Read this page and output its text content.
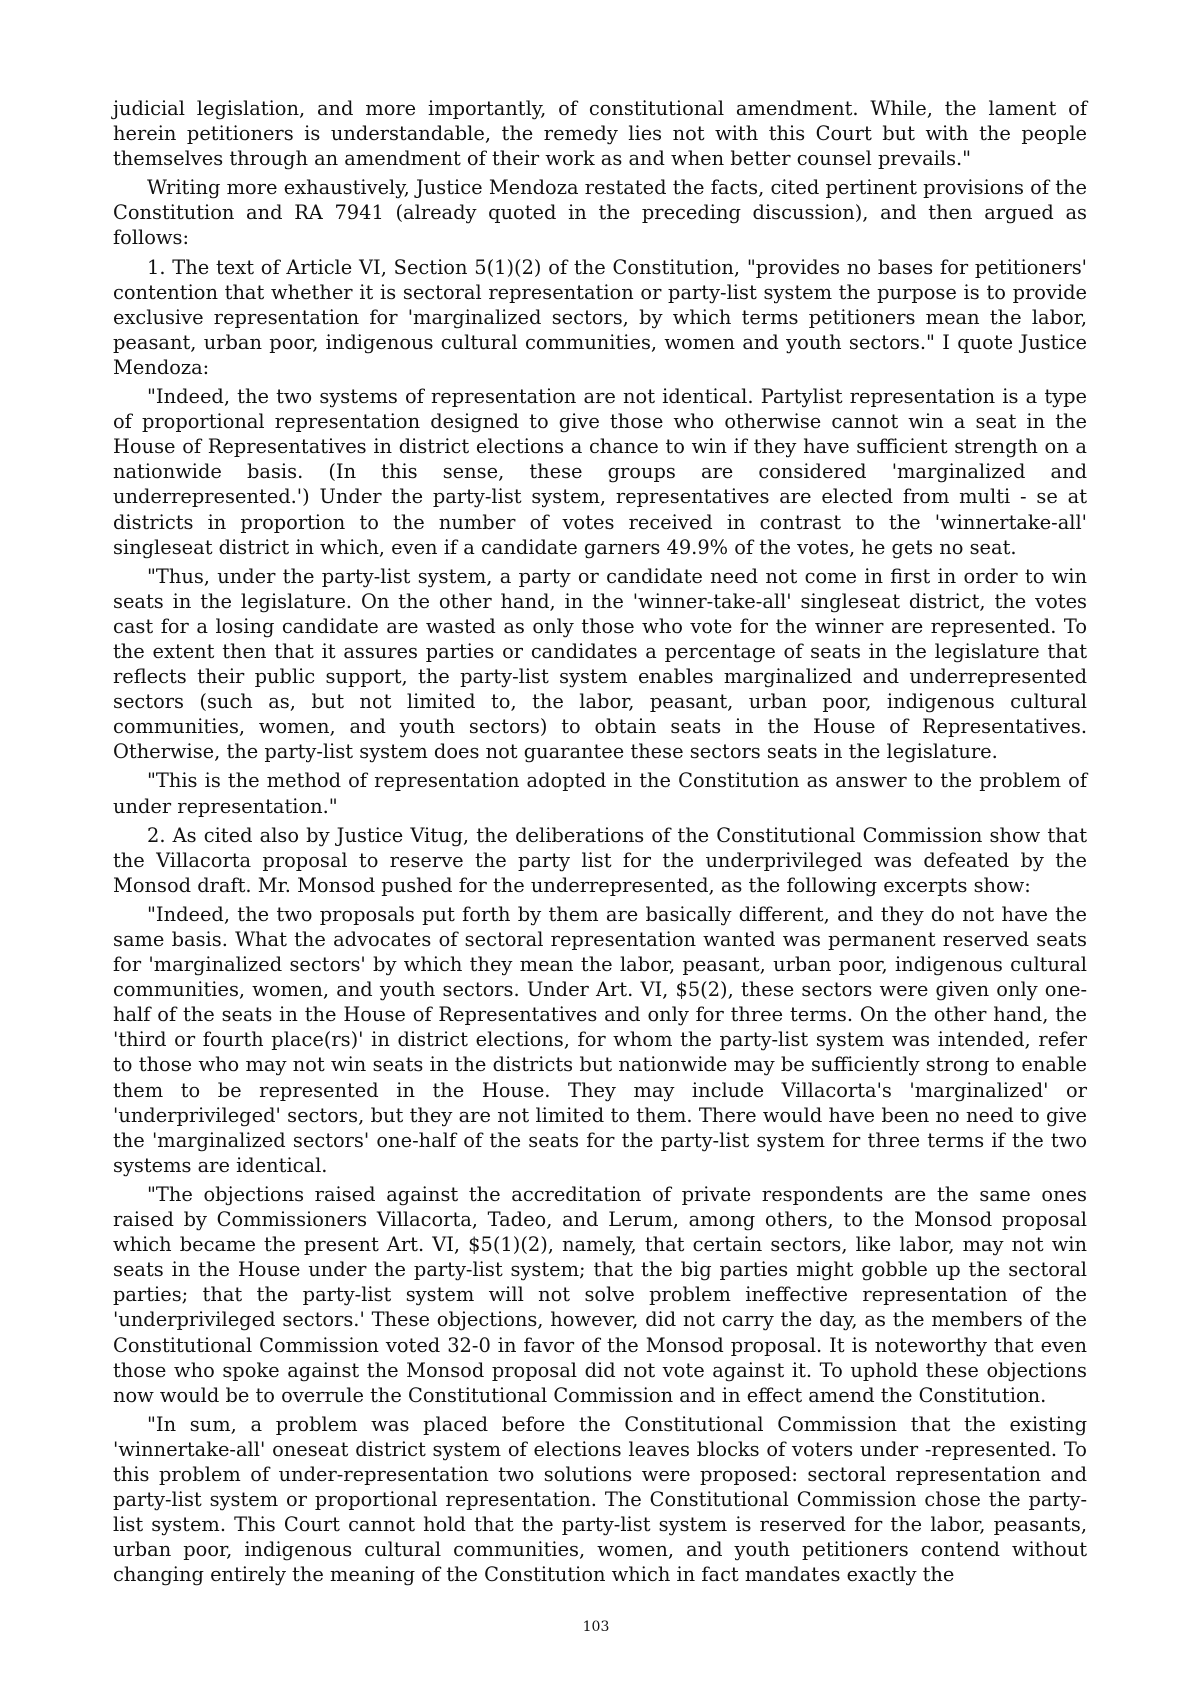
judicial legislation, and more importantly, of constitutional amendment. While, the lament of herein petitioners is understandable, the remedy lies not with this Court but with the people themselves through an amendment of their work as and when better counsel prevails."

Writing more exhaustively, Justice Mendoza restated the facts, cited pertinent provisions of the Constitution and RA 7941 (already quoted in the preceding discussion), and then argued as follows:

1. The text of Article VI, Section 5(1)(2) of the Constitution, "provides no bases for petitioners' contention that whether it is sectoral representation or party-list system the purpose is to provide exclusive representation for 'marginalized sectors, by which terms petitioners mean the labor, peasant, urban poor, indigenous cultural communities, women and youth sectors." I quote Justice Mendoza:

"Indeed, the two systems of representation are not identical. Partylist representation is a type of proportional representation designed to give those who otherwise cannot win a seat in the House of Representatives in district elections a chance to win if they have sufficient strength on a nationwide basis. (In this sense, these groups are considered 'marginalized and underrepresented.') Under the party-list system, representatives are elected from multi - se at districts in proportion to the number of votes received in contrast to the 'winnertake-all' singleseat district in which, even if a candidate garners 49.9% of the votes, he gets no seat.

"Thus, under the party-list system, a party or candidate need not come in first in order to win seats in the legislature. On the other hand, in the 'winner-take-all' singleseat district, the votes cast for a losing candidate are wasted as only those who vote for the winner are represented. To the extent then that it assures parties or candidates a percentage of seats in the legislature that reflects their public support, the party-list system enables marginalized and underrepresented sectors (such as, but not limited to, the labor, peasant, urban poor, indigenous cultural communities, women, and youth sectors) to obtain seats in the House of Representatives. Otherwise, the party-list system does not guarantee these sectors seats in the legislature.

"This is the method of representation adopted in the Constitution as answer to the problem of under representation."

2. As cited also by Justice Vitug, the deliberations of the Constitutional Commission show that the Villacorta proposal to reserve the party list for the underprivileged was defeated by the Monsod draft. Mr. Monsod pushed for the underrepresented, as the following excerpts show:

"Indeed, the two proposals put forth by them are basically different, and they do not have the same basis. What the advocates of sectoral representation wanted was permanent reserved seats for 'marginalized sectors' by which they mean the labor, peasant, urban poor, indigenous cultural communities, women, and youth sectors. Under Art. VI, $5(2), these sectors were given only one-half of the seats in the House of Representatives and only for three terms. On the other hand, the 'third or fourth place(rs)' in district elections, for whom the party-list system was intended, refer to those who may not win seats in the districts but nationwide may be sufficiently strong to enable them to be represented in the House. They may include Villacorta's 'marginalized' or 'underprivileged' sectors, but they are not limited to them. There would have been no need to give the 'marginalized sectors' one-half of the seats for the party-list system for three terms if the two systems are identical.

"The objections raised against the accreditation of private respondents are the same ones raised by Commissioners Villacorta, Tadeo, and Lerum, among others, to the Monsod proposal which became the present Art. VI, $5(1)(2), namely, that certain sectors, like labor, may not win seats in the House under the party-list system; that the big parties might gobble up the sectoral parties; that the party-list system will not solve problem ineffective representation of the 'underprivileged sectors.' These objections, however, did not carry the day, as the members of the Constitutional Commission voted 32-0 in favor of the Monsod proposal. It is noteworthy that even those who spoke against the Monsod proposal did not vote against it. To uphold these objections now would be to overrule the Constitutional Commission and in effect amend the Constitution.

"In sum, a problem was placed before the Constitutional Commission that the existing 'winnertake-all' oneseat district system of elections leaves blocks of voters under -represented. To this problem of under-representation two solutions were proposed: sectoral representation and party-list system or proportional representation. The Constitutional Commission chose the party-list system. This Court cannot hold that the party-list system is reserved for the labor, peasants, urban poor, indigenous cultural communities, women, and youth petitioners contend without changing entirely the meaning of the Constitution which in fact mandates exactly the

103
